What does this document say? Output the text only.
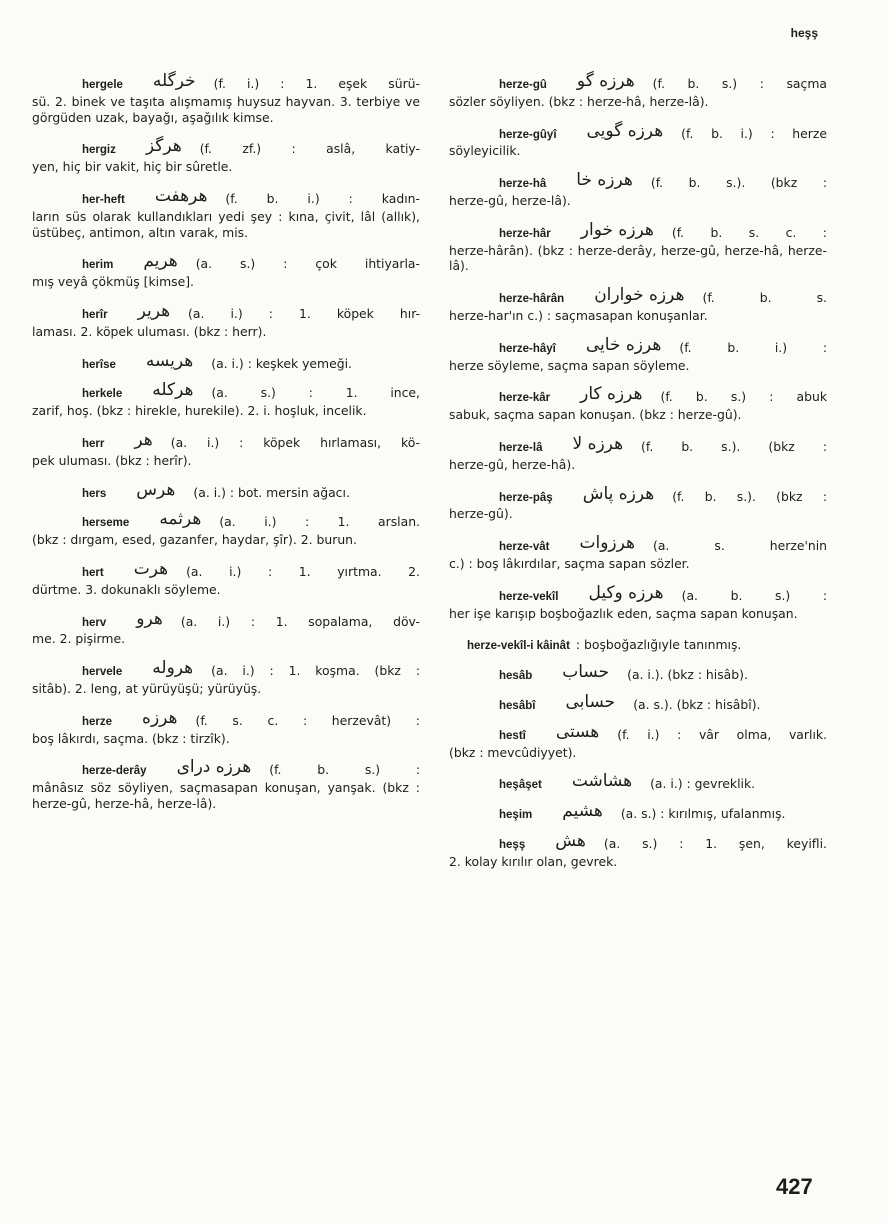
heşş
hergele خرگله (f. i.) : 1. eşek sürü-
sü. 2. binek ve taşıta alışmamış huysuz hayvan. 3. terbiye ve görgüden uzak, bayağı, aşağılık kimse.
hergiz هرگز (f. zf.) : aslâ, katiy-
yen, hiç bir vakit, hiç bir sûretle.
her-heft هرهفت (f. b. i.) : kadın-
ların süs olarak kullandıkları yedi şey : kına, çivit, lâl (allık), üstübeç, antimon, altın varak, mis.
herim هريم (a. s.) : çok ihtiyarla-
mış veyâ çökmüş [kimse].
herîr هرير (a. i.) : 1. köpek hır-
laması. 2. köpek uluması. (bkz : herr).
herîse هريسه (a. i.) : keşkek yemeği.
herkele هركله (a. s.) : 1. ince,
zarif, hoş. (bkz : hirekle, hurekile). 2. i. hoşluk, incelik.
herr هر (a. i.) : köpek hırlaması, kö-
pek uluması. (bkz : herîr).
hers هرس (a. i.) : bot. mersin ağacı.
herseme هرثمه (a. i.) : 1. arslan.
(bkz : dırgam, esed, gazanfer, haydar, şîr). 2. burun.
hert هرت (a. i.) : 1. yırtma. 2.
dürtme. 3. dokunaklı söyleme.
herv هرو (a. i.) : 1. sopalama, döv-
me. 2. pişirme.
hervele هروله (a. i.) : 1. koşma. (bkz :
sitâb). 2. leng, at yürüyüşü; yürüyüş.
herze هرزه (f. s. c. : herzevât) :
boş lâkırdı, saçma. (bkz : tirzîk).
herze-derây هرزه دراى (f. b. s.) :
mânâsız söz söyliyen, saçmasapan konuşan, yanşak. (bkz : herze-gû, herze-hâ, herze-lâ).
herze-gû هرزه گو (f. b. s.) : saçma
sözler söyliyen. (bkz : herze-hâ, herze-lâ).
herze-gûyî هرزه گويى (f. b. i.) : herze
söyleyicilik.
herze-hâ هرزه خا (f. b. s.). (bkz :
herze-gû, herze-lâ).
herze-hâr هرزه خوار (f. b. s. c. :
herze-hârân). (bkz : herze-derây, herze-gû, herze-hâ, herze-lâ).
herze-hârân هرزه خواران (f. b. s.
herze-har'ın c.) : saçmasapan konuşanlar.
herze-hâyî هرزه خايى (f. b. i.) :
herze söyleme, saçma sapan söyleme.
herze-kâr هرزه كار (f. b. s.) : abuk
sabuk, saçma sapan konuşan. (bkz : herze-gû).
herze-lâ هرزه لا (f. b. s.). (bkz :
herze-gû, herze-hâ).
herze-pâş هرزه پاش (f. b. s.). (bkz :
herze-gû).
herze-vât هرزوات (a. s. herze'nin
c.) : boş lâkırdılar, saçma sapan sözler.
herze-vekîl هرزه وكيل (a. b. s.) :
her işe karışıp boşboğazlık eden, saçma sapan konuşan.
herze-vekîl-i kâinât : boşboğazlığıyle tanınmış.
hesâb حساب (a. i.). (bkz : hisâb).
hesâbî حسابى (a. s.). (bkz : hisâbî).
hestî هستى (f. i.) : vâr olma, varlık.
(bkz : mevcûdiyyet).
heşâşet هشاشت (a. i.) : gevreklik.
heşim هشيم (a. s.) : kırılmış, ufalanmış.
heşş هش (a. s.) : 1. şen, keyifli.
2. kolay kırılır olan, gevrek.
427
